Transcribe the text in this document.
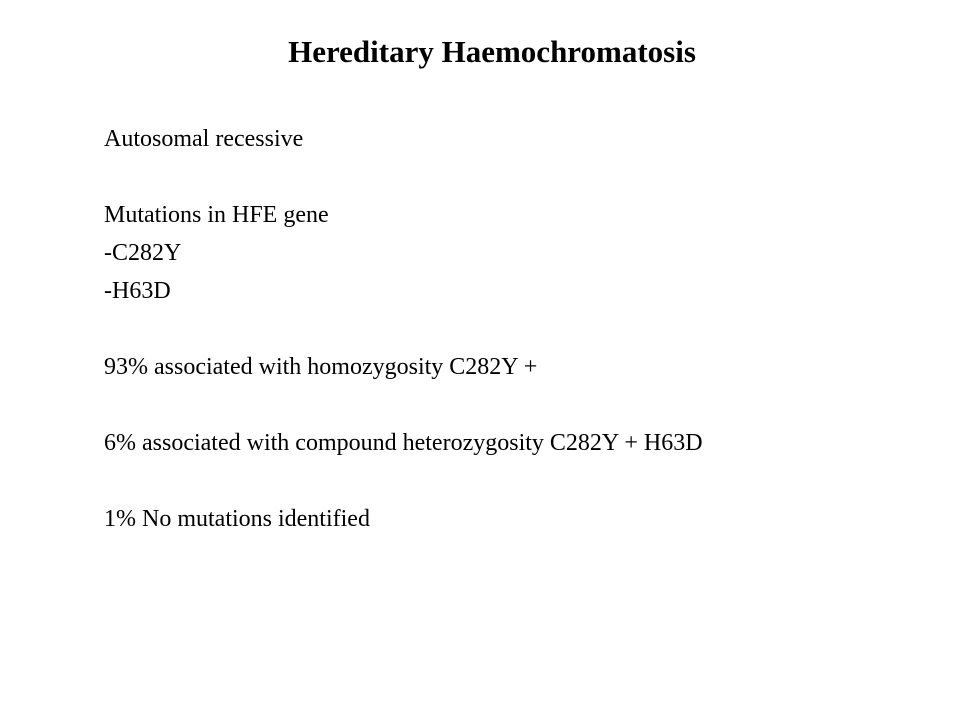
Hereditary Haemochromatosis
Autosomal recessive
Mutations in HFE gene
-C282Y
-H63D
93% associated with homozygosity C282Y +
6% associated with compound heterozygosity C282Y + H63D
1% No mutations identified
